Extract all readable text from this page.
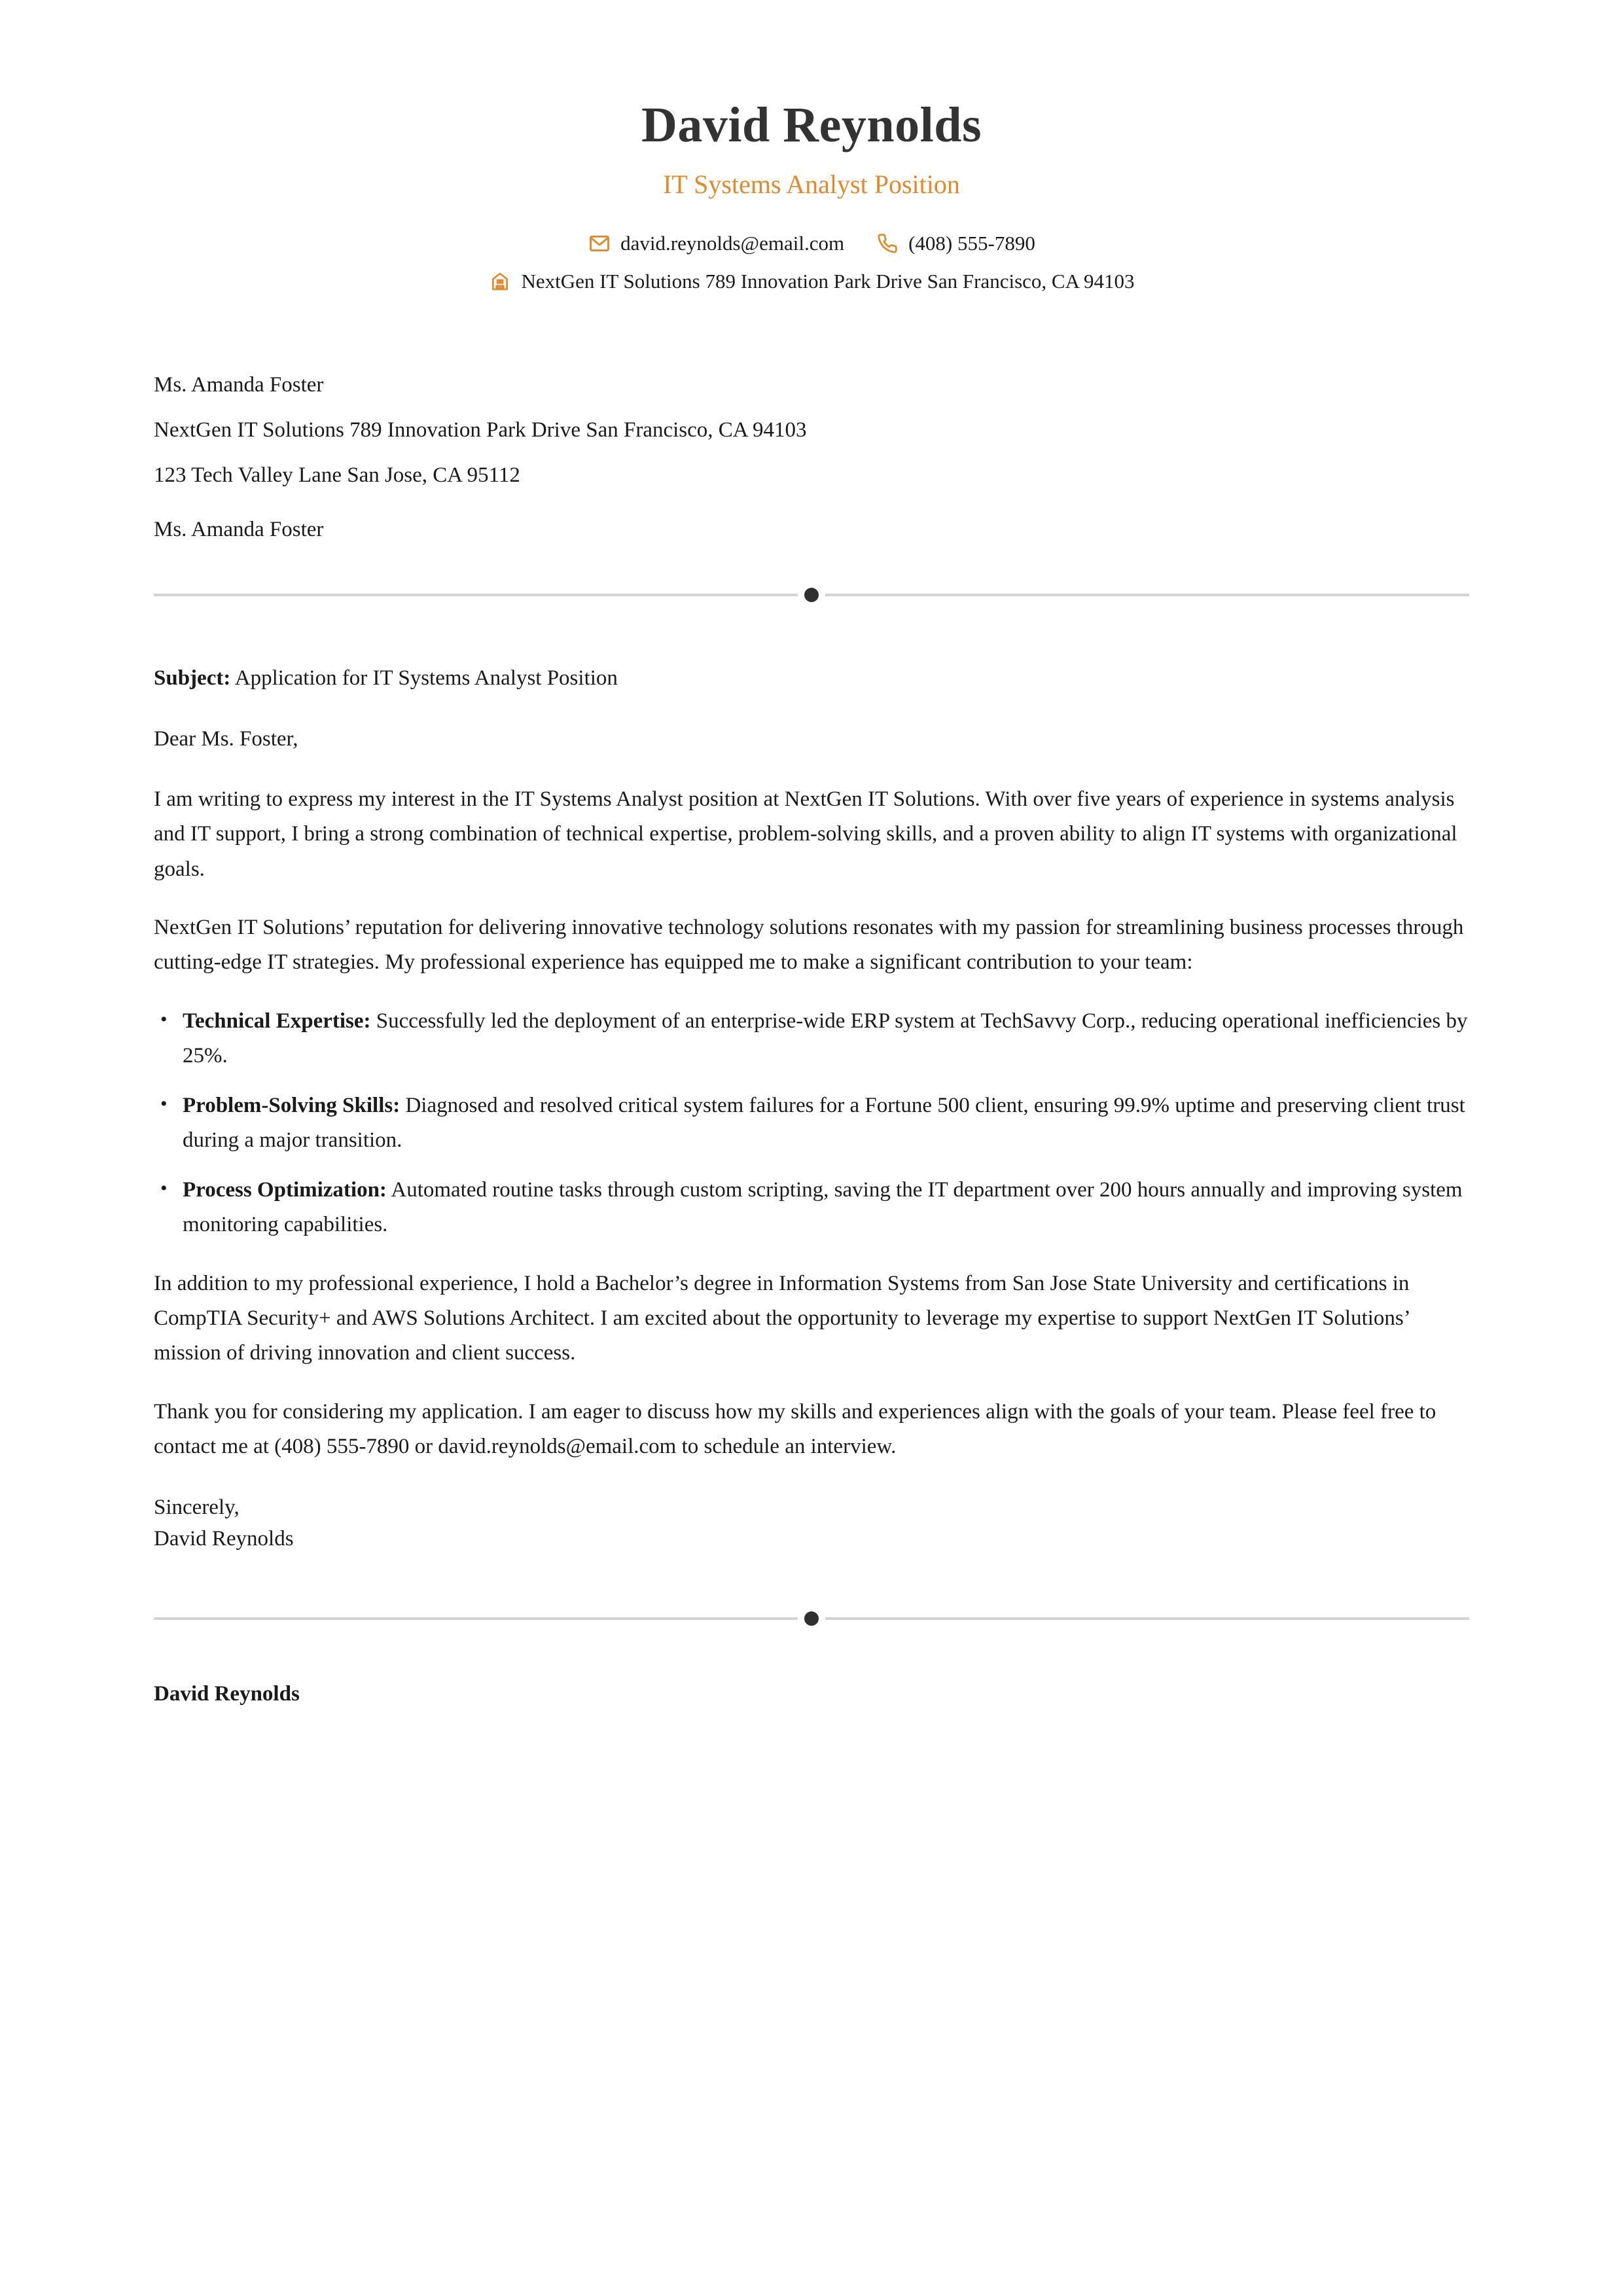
David Reynolds
IT Systems Analyst Position
david.reynolds@email.com	(408) 555-7890
NextGen IT Solutions 789 Innovation Park Drive San Francisco, CA 94103
Ms. Amanda Foster
NextGen IT Solutions 789 Innovation Park Drive San Francisco, CA 94103
123 Tech Valley Lane San Jose, CA 95112
Ms. Amanda Foster
Subject: Application for IT Systems Analyst Position

Dear Ms. Foster,

I am writing to express my interest in the IT Systems Analyst position at NextGen IT Solutions. With over five years of experience in systems analysis and IT support, I bring a strong combination of technical expertise, problem-solving skills, and a proven ability to align IT systems with organizational goals.

NextGen IT Solutions’ reputation for delivering innovative technology solutions resonates with my passion for streamlining business processes through cutting-edge IT strategies. My professional experience has equipped me to make a significant contribution to your team:

• Technical Expertise: Successfully led the deployment of an enterprise-wide ERP system at TechSavvy Corp., reducing operational inefficiencies by 25%.
• Problem-Solving Skills: Diagnosed and resolved critical system failures for a Fortune 500 client, ensuring 99.9% uptime and preserving client trust during a major transition.
• Process Optimization: Automated routine tasks through custom scripting, saving the IT department over 200 hours annually and improving system monitoring capabilities.

In addition to my professional experience, I hold a Bachelor’s degree in Information Systems from San Jose State University and certifications in CompTIA Security+ and AWS Solutions Architect. I am excited about the opportunity to leverage my expertise to support NextGen IT Solutions’ mission of driving innovation and client success.

Thank you for considering my application. I am eager to discuss how my skills and experiences align with the goals of your team. Please feel free to contact me at (408) 555-7890 or david.reynolds@email.com to schedule an interview.

Sincerely,

David Reynolds

David Reynolds
